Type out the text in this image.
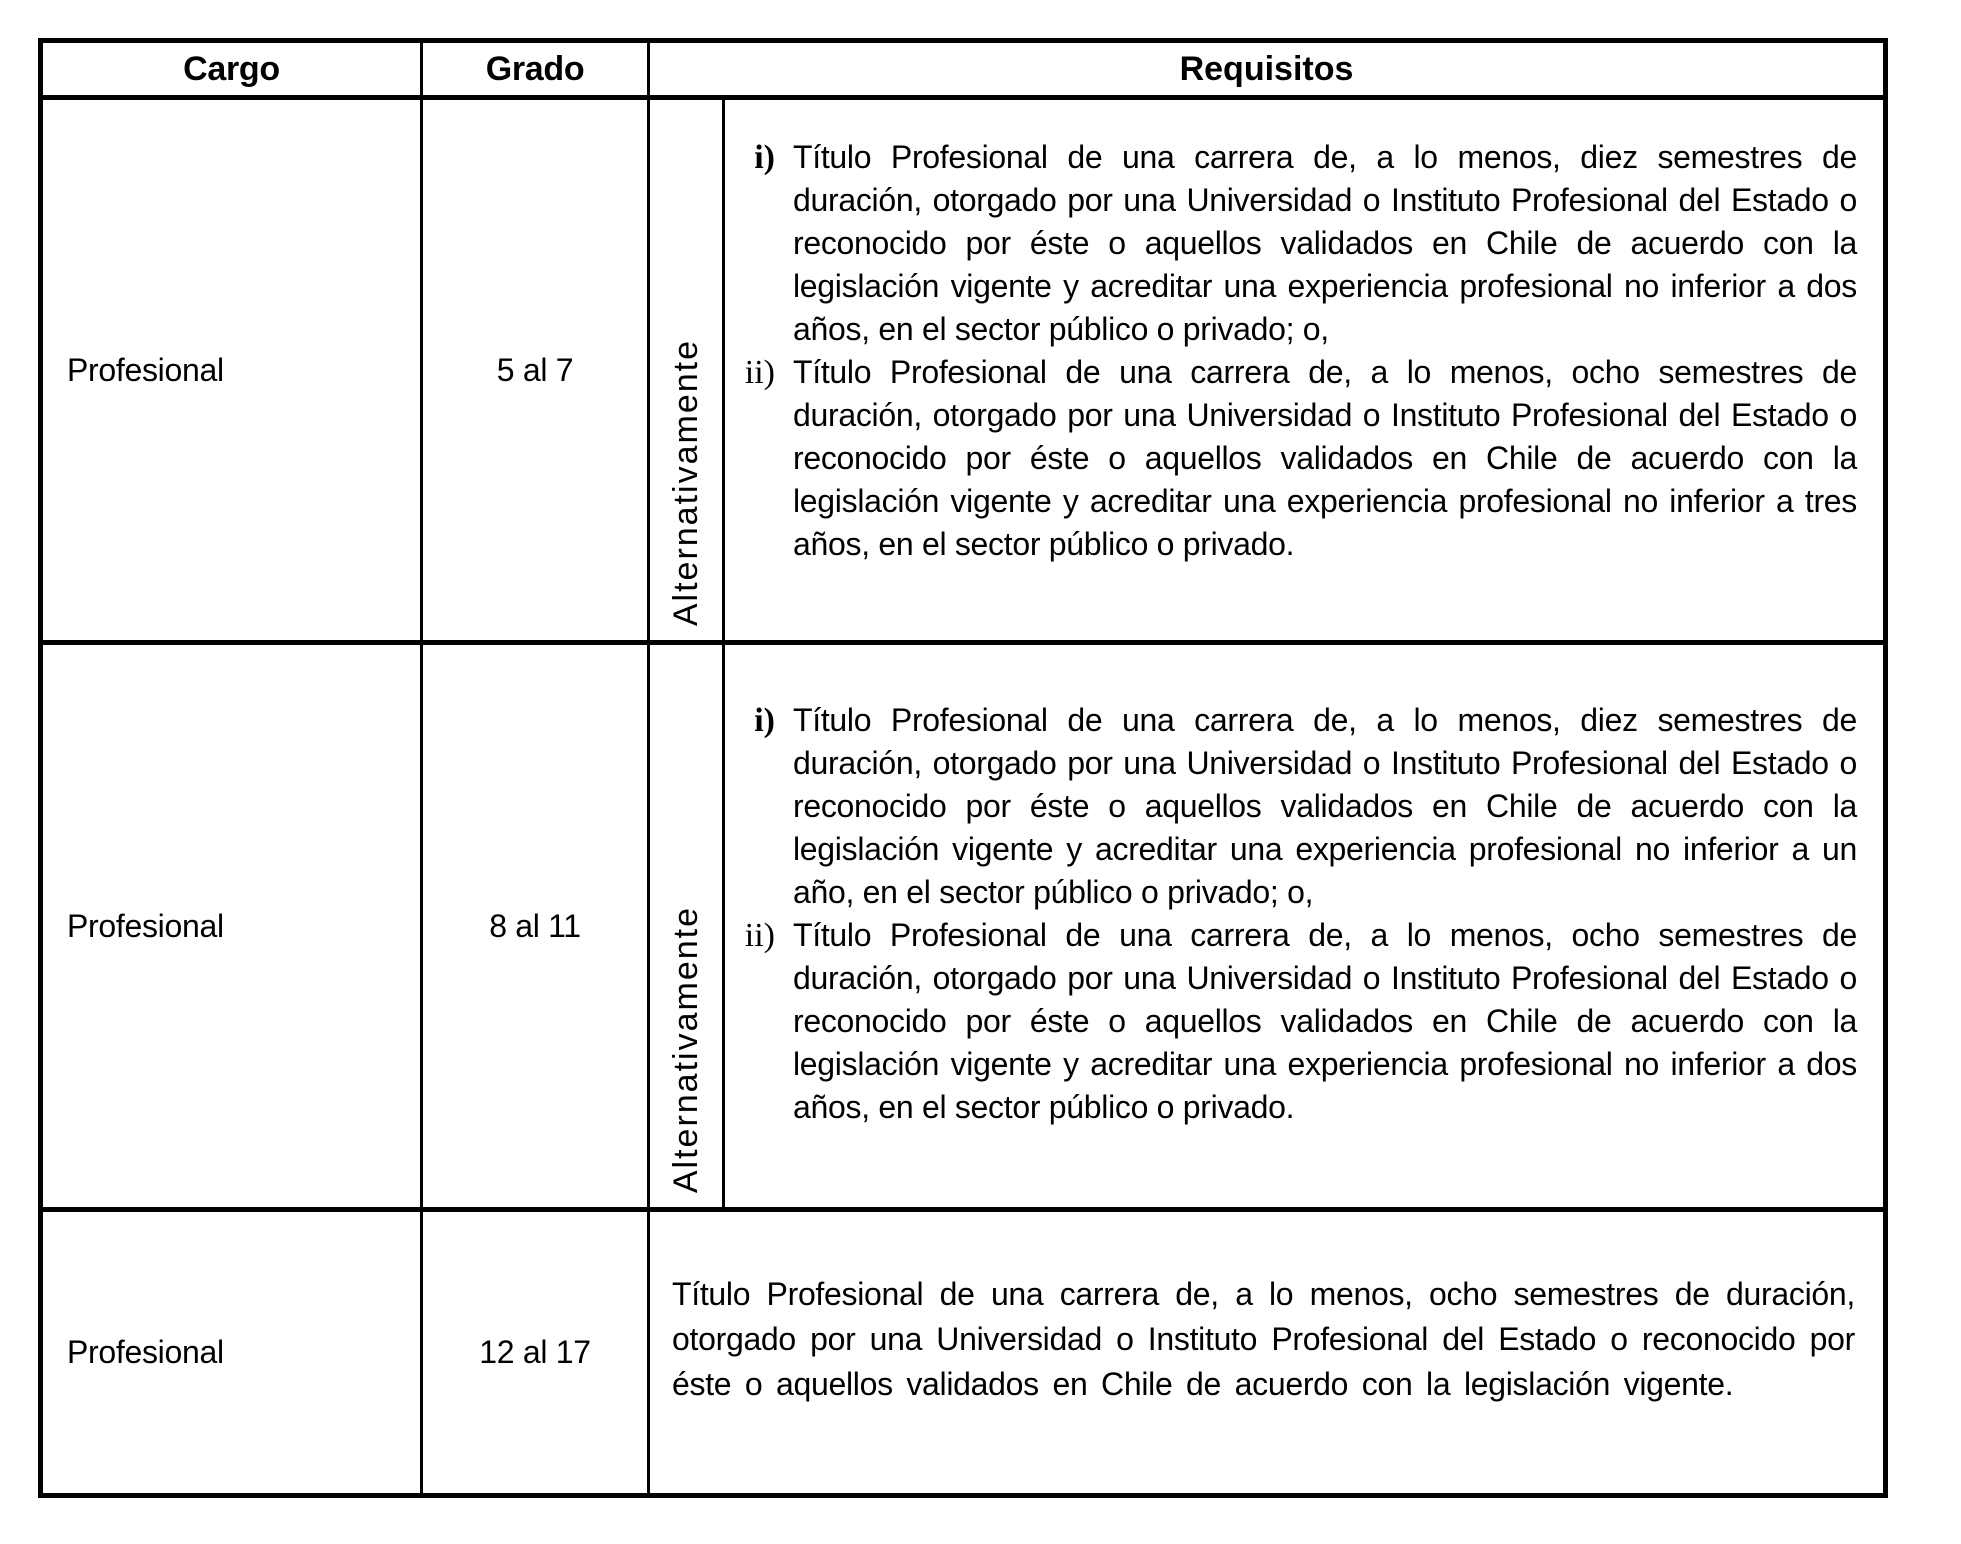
Cargo	Grado	Requisitos
Profesional	5 al 7	Alternativamente
i) Título Profesional de una carrera de, a lo menos, diez semestres de duración, otorgado por una Universidad o Instituto Profesional del Estado o reconocido por éste o aquellos validados en Chile de acuerdo con la legislación vigente y acreditar una experiencia profesional no inferior a dos años, en el sector público o privado; o,
ii) Título Profesional de una carrera de, a lo menos, ocho semestres de duración, otorgado por una Universidad o Instituto Profesional del Estado o reconocido por éste o aquellos validados en Chile de acuerdo con la legislación vigente y acreditar una experiencia profesional no inferior a tres años, en el sector público o privado.
Profesional	8 al 11	Alternativamente
i) Título Profesional de una carrera de, a lo menos, diez semestres de duración, otorgado por una Universidad o Instituto Profesional del Estado o reconocido por éste o aquellos validados en Chile de acuerdo con la legislación vigente y acreditar una experiencia profesional no inferior a un año, en el sector público o privado; o,
ii) Título Profesional de una carrera de, a lo menos, ocho semestres de duración, otorgado por una Universidad o Instituto Profesional del Estado o reconocido por éste o aquellos validados en Chile de acuerdo con la legislación vigente y acreditar una experiencia profesional no inferior a dos años, en el sector público o privado.
Profesional	12 al 17
Título Profesional de una carrera de, a lo menos, ocho semestres de duración, otorgado por una Universidad o Instituto Profesional del Estado o reconocido por éste o aquellos validados en Chile de acuerdo con la legislación vigente.
